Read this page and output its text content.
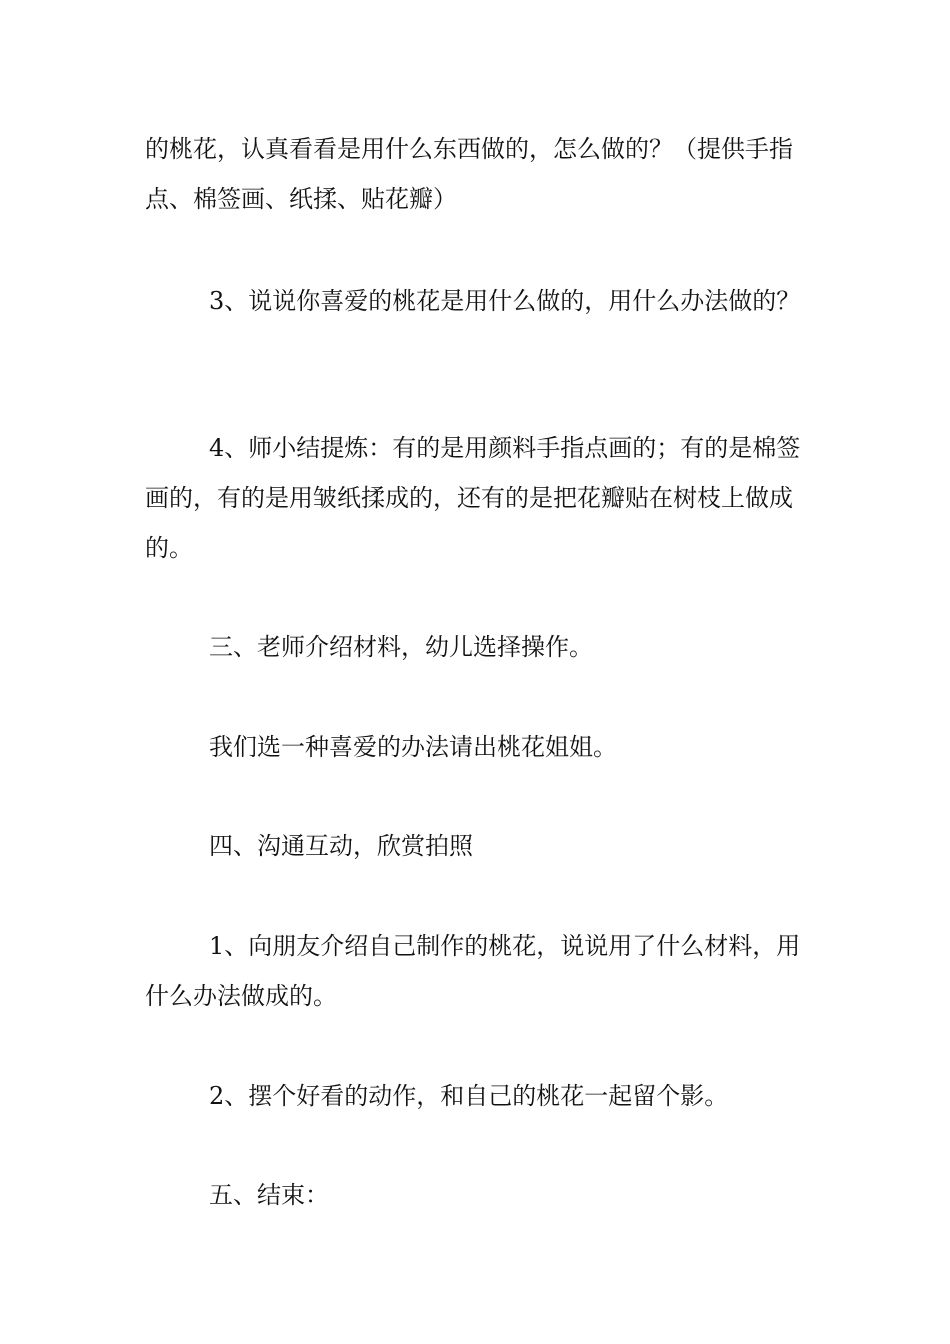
的桃花，认真看看是用什么东西做的，怎么做的？（提供手指点、棉签画、纸揉、贴花瓣）

3、说说你喜爱的桃花是用什么做的，用什么办法做的？

4、师小结提炼：有的是用颜料手指点画的；有的是棉签画的，有的是用皱纸揉成的，还有的是把花瓣贴在树枝上做成的。

三、老师介绍材料，幼儿选择操作。

我们选一种喜爱的办法请出桃花姐姐。

四、沟通互动，欣赏拍照

1、向朋友介绍自己制作的桃花，说说用了什么材料，用什么办法做成的。

2、摆个好看的动作，和自己的桃花一起留个影。

五、结束：
